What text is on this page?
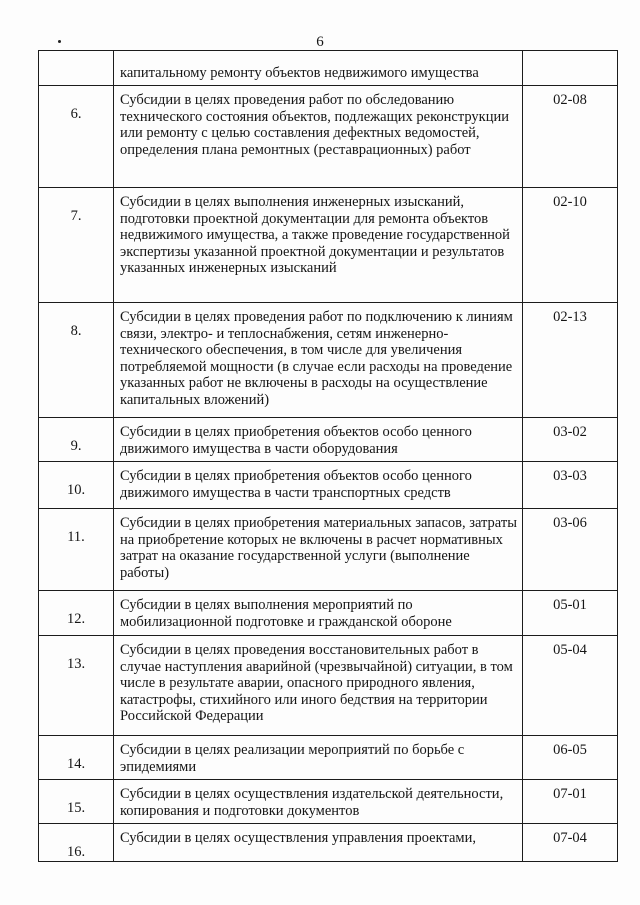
6
	капитальному ремонту объектов недвижимого имущества	
6.	Субсидии в целях проведения работ по обследованию технического состояния объектов, подлежащих реконструкции или ремонту с целью составления дефектных ведомостей, определения плана ремонтных (реставрационных) работ	02-08
7.	Субсидии в целях выполнения инженерных изысканий, подготовки проектной документации для ремонта объектов недвижимого имущества, а также проведение государственной экспертизы указанной проектной документации и результатов указанных инженерных изысканий	02-10
8.	Субсидии в целях проведения работ по подключению к линиям связи, электро- и теплоснабжения, сетям инженерно-технического обеспечения, в том числе для увеличения потребляемой мощности (в случае если расходы на проведение указанных работ не включены в расходы на осуществление капитальных вложений)	02-13
9.	Субсидии в целях приобретения объектов особо ценного движимого имущества в части оборудования	03-02
10.	Субсидии в целях приобретения объектов особо ценного движимого имущества в части транспортных средств	03-03
11.	Субсидии в целях приобретения материальных запасов, затраты на приобретение которых не включены в расчет нормативных затрат на оказание государственной услуги (выполнение работы)	03-06
12.	Субсидии в целях выполнения мероприятий по мобилизационной подготовке и гражданской обороне	05-01
13.	Субсидии в целях проведения восстановительных работ в случае наступления аварийной (чрезвычайной) ситуации, в том числе в результате аварии, опасного природного явления, катастрофы, стихийного или иного бедствия на территории Российской Федерации	05-04
14.	Субсидии в целях реализации мероприятий по борьбе с эпидемиями	06-05
15.	Субсидии в целях осуществления издательской деятельности, копирования и подготовки документов	07-01
16.	Субсидии в целях осуществления управления проектами,	07-04
